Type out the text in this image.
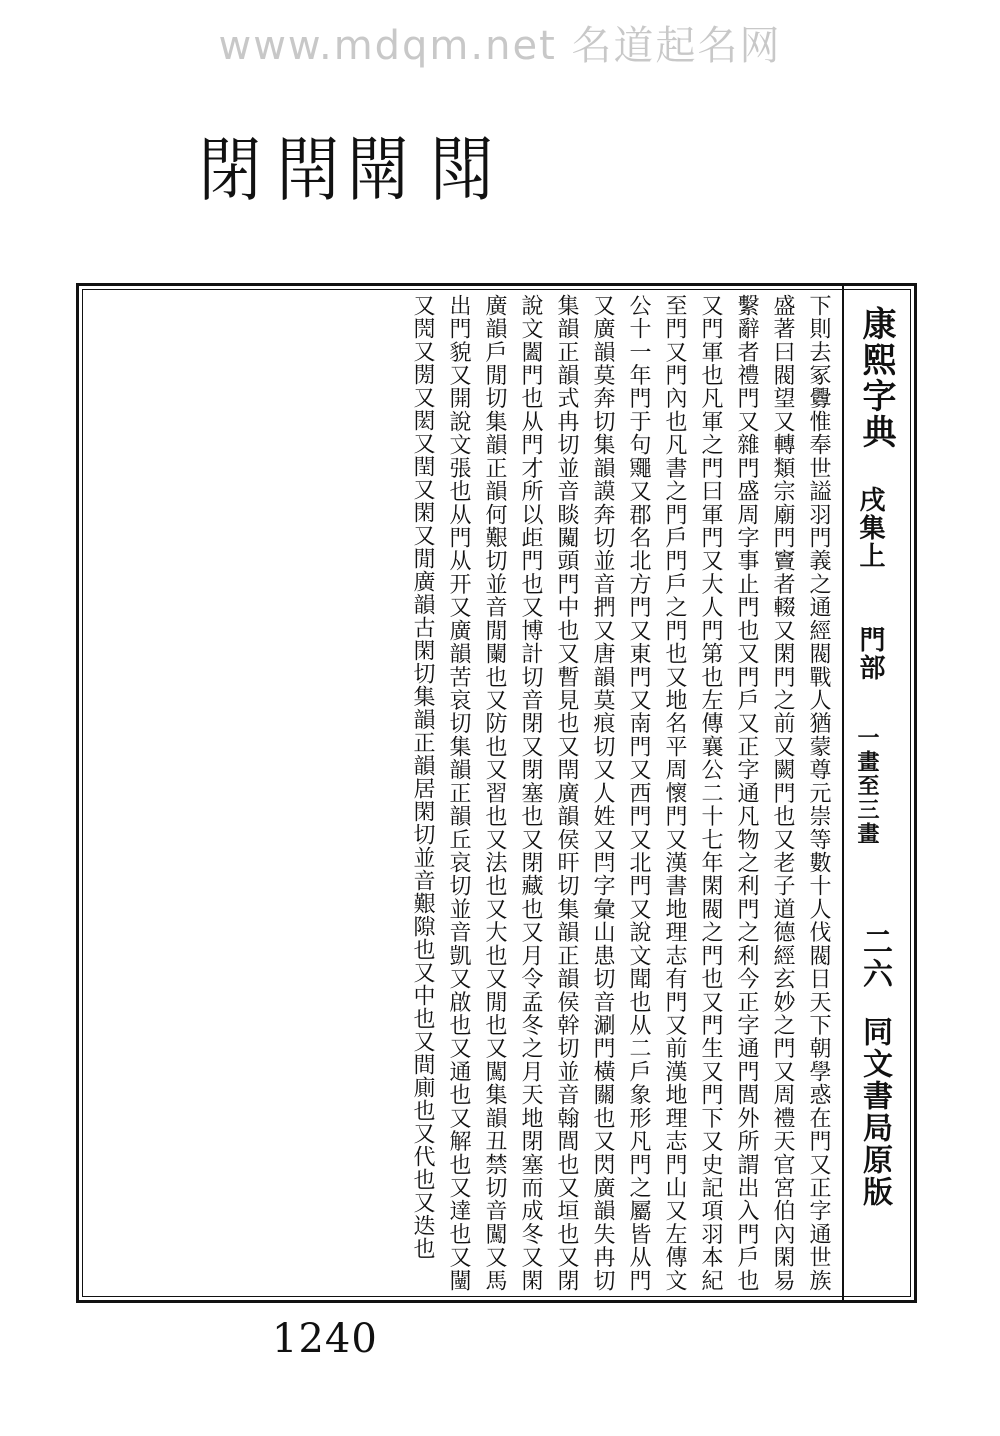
www.mdqm.net 名道起名网
閉 閈 閛 閗
康熙字典
戌集上
門部
一畫至三畫
二六
同文書局原版
下則去冢釁惟奉世謚羽門義之通經閥戰人猶蒙尊元崇等數十人伐閥日天下朝學惑在門又正字通世族盛著曰閥望又轉類宗廟門竇者輟又閑門之前又闕門也又老子道德經玄妙之門又周禮天官宮伯內閑易繫辭者禮門又雜門盛周字事止門也又門戶又正字通凡物之利門之利今正字通門閭外所謂出入門戶也又門軍也凡軍之門曰軍門又大人門第也左傳襄公二十七年閑閥之門也又門生又門下又史記項羽本紀至門又門內也凡書之門戶門戶之門也又地名平周懷門又漢書地理志有門又前漢地理志門山又左傳文公十一年門于句鼆又郡名北方門又東門又南門又西門又北門又說文聞也从二戶象形凡門之屬皆从門又廣韻莫奔切集韻謨奔切並音捫又唐韻莫痕切又人姓又閂字彙山患切音涮門橫關也又閃廣韻失冉切集韻正韻式冉切並音睒闚頭門中也又暫見也又閈廣韻侯旰切集韻正韻侯幹切並音翰閭也又垣也又閉說文闔門也从門才所以歫門也又博計切音閉又閉塞也又閉藏也又月令孟冬之月天地閉塞而成冬又閑廣韻戶閒切集韻正韻何艱切並音閒闌也又防也又習也又法也又大也又閒也又闖集韻丑禁切音闖又馬出門貌又開說文張也从門从开又廣韻苦哀切集韻正韻丘哀切並音凱又啟也又通也又解也又達也又闉又閌又閍又閎又閏又閑又閒廣韻古閑切集韻正韻居閑切並音艱隙也又中也又間廁也又代也又迭也
1240
